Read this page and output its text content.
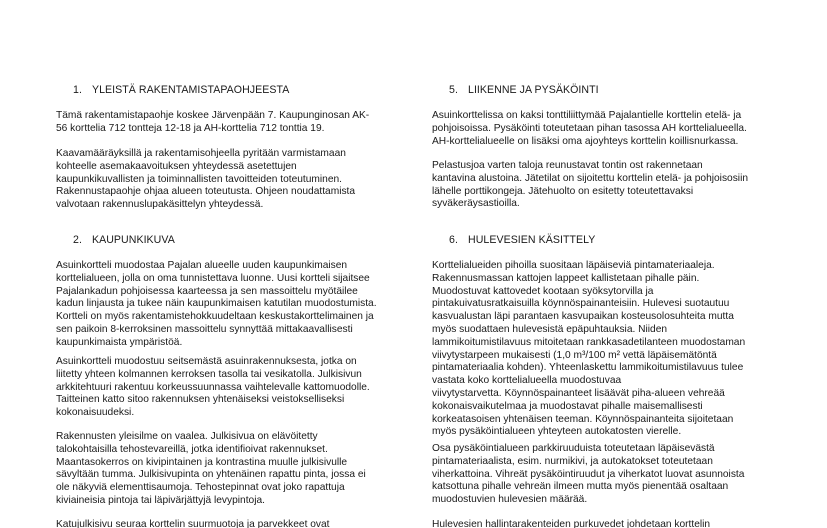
1. YLEISTÄ RAKENTAMISTAPAOHJEESTA

Tämä rakentamistapaohje koskee Järvenpään 7. Kaupunginosan AK-
56 korttelia 712 tontteja 12-18 ja AH-korttelia 712 tonttia 19.

Kaavamääräyksillä ja rakentamisohjeella pyritään varmistamaan
kohteelle asemakaavoituksen yhteydessä asetettujen
kaupunkikuvallisten ja toiminnallisten tavoitteiden toteutuminen.
Rakennustapaohje ohjaa alueen toteutusta. Ohjeen noudattamista
valvotaan rakennuslupakäsittelyn yhteydessä.

2. KAUPUNKIKUVA

Asuinkortteli muodostaa Pajalan alueelle uuden kaupunkimaisen
korttelialueen, jolla on oma tunnistettava luonne. Uusi kortteli sijaitsee
Pajalankadun pohjoisessa kaarteessa ja sen massoittelu myötäilee
kadun linjausta ja tukee näin kaupunkimaisen katutilan muodostumista.
Kortteli on myös rakentamistehokkuudeltaan keskustakorttelimainen ja
sen paikoin 8-kerroksinen massoittelu synnyttää mittakaavallisesti
kaupunkimaista ympäristöä.

Asuinkortteli muodostuu seitsemästä asuinrakennuksesta, jotka on
liitetty yhteen kolmannen kerroksen tasolla tai vesikatolla. Julkisivun
arkkitehtuuri rakentuu korkeussuunnassa vaihtelevalle kattomuodolle.
Taitteinen katto sitoo rakennuksen yhtenäiseksi veistokselliseksi
kokonaisuudeksi.

Rakennusten yleisilme on vaalea. Julkisivua on elävöitetty
talokohtaisilla tehostevareillä, jotka identifioivat rakennukset.
Maantasokerros on kivipintainen ja kontrastina muulle julkisivulle
sävyltään tumma. Julkisivupinta on yhtenäinen rapattu pinta, jossa ei
ole näkyviä elementtisaumoja. Tehostepinnat ovat joko rapattuja
kiviaineisia pintoja tai läpivärjättyjä levypintoja.

Katujulkisivu seuraa korttelin suurmuotoja ja parvekkeet ovat

5. LIIKENNE JA PYSÄKÖINTI

Asuinkorttelissa on kaksi tonttiliittymää Pajalantielle korttelin etelä- ja
pohjoisoissa. Pysäköinti toteutetaan pihan tasossa AH korttelialueella.
AH-korttelialueelle on lisäksi oma ajoyhteys korttelin koillisnurkassa.

Pelastusjoa varten taloja reunustavat tontin ost rakennetaan
kantavina alustoina. Jätetilat on sijoitettu korttelin etelä- ja pohjoisosiin
lähelle porttikongeja. Jätehuolto on esitetty toteutettavaksi
syväkeräysastioilla.

6. HULEVESIEN KÄSITTELY

Korttelialueiden pihoilla suositaan läpäiseviä pintamateriaaleja.
Rakennusmassan kattojen lappeet kallistetaan pihalle päin.
Muodostuvat kattovedet kootaan syöksytorvilla ja
pintakuivatusratkaisuilla köynnöspainanteisiin. Hulevesi suotautuu
kasvualustan läpi parantaen kasvupaikan kosteusolosuhteita mutta
myös suodattaen hulevesistä epäpuhtauksia. Niiden
lammikoitumistilavuus mitoitetaan rankkasadetilanteen muodostaman
viivytystarpeen mukaisesti (1,0 m³/100 m² vettä läpäisemätöntä
pintamateriaalia kohden). Yhteenlaskettu lammikoitumistilavuus tulee
vastata koko korttelialueella muodostuvaa
viivytystarvetta. Köynnöspainanteet lisäävät piha-alueen vehreää
kokonaisvaikutelmaa ja muodostavat pihalle maisemallisesti
korkeatasoisen yhtenäisen teeman. Köynnöspainanteita sijoitetaan
myös pysäköintialueen yhteyteen autokatosten vierelle.

Osa pysäköintialueen parkkiruuduista toteutetaan läpäisevästä
pintamateriaalista, esim. nurmikivi, ja autokatokset toteutetaan
viherkattoina. Vihreät pysäköintiruudut ja viherkatot luovat asunnoista
katsottuna pihalle vehreän ilmeen mutta myös pienentää osaltaan
muodostuvien hulevesien määrää.

Hulevesien hallintarakenteiden purkuvedet johdetaan korttelin
